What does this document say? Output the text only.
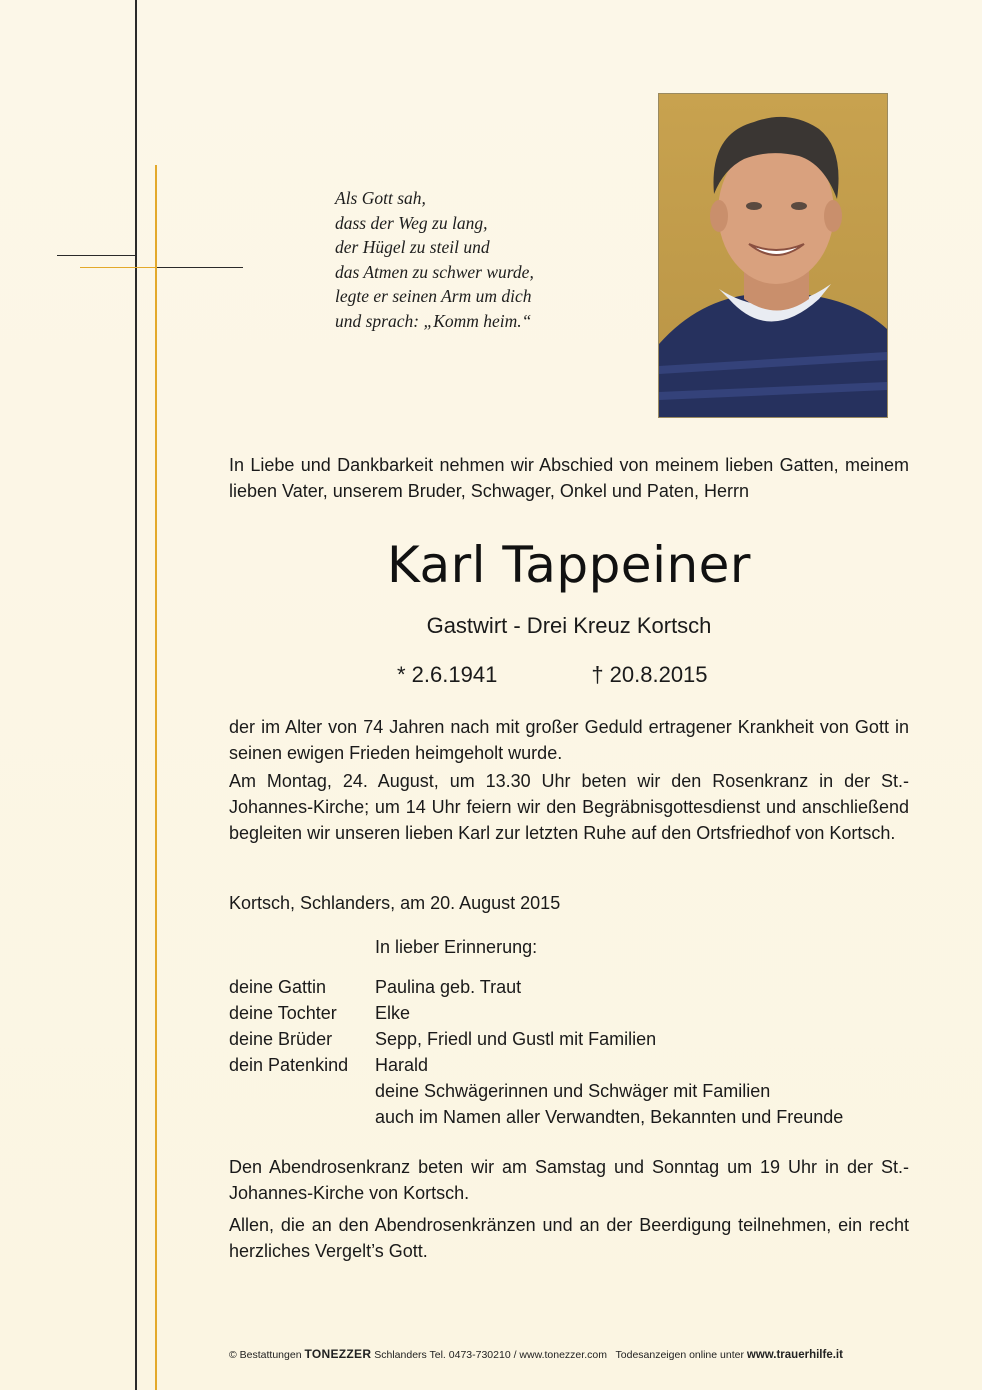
Als Gott sah,
dass der Weg zu lang,
der Hügel zu steil und
das Atmen zu schwer wurde,
legte er seinen Arm um dich
und sprach: „Komm heim.“
In Liebe und Dankbarkeit nehmen wir Abschied von meinem lieben Gatten, meinem lieben Vater, unserem Bruder, Schwager, Onkel und Paten, Herrn
Karl Tappeiner
Gastwirt - Drei Kreuz Kortsch
* 2.6.1941	† 20.8.2015
der im Alter von 74 Jahren nach mit großer Geduld ertragener Krankheit von Gott in seinen ewigen Frieden heimgeholt wurde.
Am Montag, 24. August, um 13.30 Uhr beten wir den Rosenkranz in der St.-Johannes-Kirche; um 14 Uhr feiern wir den Begräbnisgottesdienst und anschließend begleiten wir unseren lieben Karl zur letzten Ruhe auf den Ortsfriedhof von Kortsch.
Kortsch, Schlanders, am 20. August 2015
In lieber Erinnerung:
deine Gattin	Paulina geb. Traut
deine Tochter	Elke
deine Brüder	Sepp, Friedl und Gustl mit Familien
dein Patenkind	Harald
deine Schwägerinnen und Schwäger mit Familien
auch im Namen aller Verwandten, Bekannten und Freunde
Den Abendrosenkranz beten wir am Samstag und Sonntag um 19 Uhr in der St.-Johannes-Kirche von Kortsch.
Allen, die an den Abendrosenkränzen und an der Beerdigung teilnehmen, ein recht herzliches Vergelt’s Gott.
© Bestattungen TONEZZER Schlanders Tel. 0473-730210 / www.tonezzer.com Todesanzeigen online unter www.trauerhilfe.it
